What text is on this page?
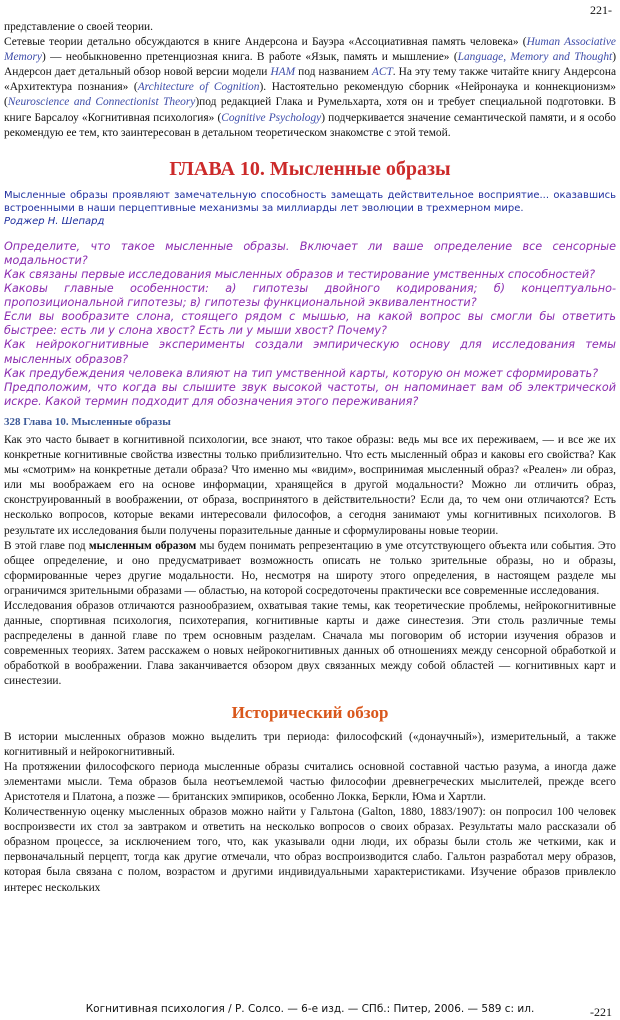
221-

представление о своей теории.

Сетевые теории детально обсуждаются в книге Андерсона и Бауэра «Ассоциативная память человека» (Human Associative Memory) — необыкновенно претенциозная книга. В работе «Язык, память и мышление» (Language, Memory and Thought) Андерсон дает детальный обзор новой версии модели HAM под названием ACT. На эту тему также читайте книгу Андерсона «Архитектура познания» (Architecture of Cognition). Настоятельно рекомендую сборник «Нейронаука и коннекционизм» (Neuroscience and Connectionist Theory)под редакцией Глака и Румельхарта, хотя он и требует специальной подготовки. В книге Барсалоу «Когнитивная психология» (Cognitive Psychology) подчеркивается значение семантической памяти, и я особо рекомендую ее тем, кто заинтересован в детальном теоретическом знакомстве с этой темой.

ГЛАВА 10. Мысленные образы
Мысленные образы проявляют замечательную способность замещать действительное восприятие... оказавшись встроенными в наши перцептивные механизмы за миллиарды лет эволюции в трехмерном мире.
Роджер Н. Шепард
Определите, что такое мысленные образы. Включает ли ваше определение все сенсорные модальности?
Как связаны первые исследования мысленных образов и тестирование умственных способностей?
Каковы главные особенности: а) гипотезы двойного кодирования; б) концептуально-пропозициональной гипотезы; в) гипотезы функциональной эквивалентности?
Если вы вообразите слона, стоящего рядом с мышью, на какой вопрос вы смогли бы ответить быстрее: есть ли у слона хвост? Есть ли у мыши хвост? Почему?
Как нейрокогнитивные эксперименты создали эмпирическую основу для исследования темы мысленных образов?
Как предубеждения человека влияют на тип умственной карты, которую он может сформировать?
Предположим, что когда вы слышите звук высокой частоты, он напоминает вам об электрической искре. Какой термин подходит для обозначения этого переживания?
328 Глава 10. Мысленные образы

Как это часто бывает в когнитивной психологии, все знают, что такое образы: ведь мы все их переживаем, — и все же их конкретные когнитивные свойства известны только приблизительно. Что есть мысленный образ и каковы его свойства? Как мы «смотрим» на конкретные детали образа? Что именно мы «видим», воспринимая мысленный образ? «Реален» ли образ, или мы воображаем его на основе информации, хранящейся в другой модальности? Можно ли отличить образ, сконструированный в воображении, от образа, воспринятого в действительности? Если да, то чем они отличаются? Есть несколько вопросов, которые веками интересовали философов, а сегодня занимают умы когнитивных психологов. В результате их исследования были получены поразительные данные и сформулированы новые теории.

В этой главе под мысленным образом мы будем понимать репрезентацию в уме отсутствующего объекта или события. Это общее определение, и оно предусматривает возможность описать не только зрительные образы, но и образы, сформированные через другие модальности. Но, несмотря на широту этого определения, в настоящем разделе мы ограничимся зрительными образами — областью, на которой сосредоточены практически все современные исследования.

Исследования образов отличаются разнообразием, охватывая такие темы, как теоретические проблемы, нейрокогнитивные данные, спортивная психология, психотерапия, когнитивные карты и даже синестезия. Эти столь различные темы распределены в данной главе по трем основным разделам. Сначала мы поговорим об истории изучения образов и современных теориях. Затем расскажем о новых нейрокогнитивных данных об отношениях между сенсорной обработкой и обработкой в воображении. Глава заканчивается обзором двух связанных между собой областей — когнитивных карт и синестезии.

Исторический обзор

В истории мысленных образов можно выделить три периода: философский («донаучный»), измерительный, а также когнитивный и нейрокогнитивный.

На протяжении философского периода мысленные образы считались основной составной частью разума, а иногда даже элементами мысли. Тема образов была неотъемлемой частью философии древнегреческих мыслителей, прежде всего Аристотеля и Платона, а позже — британских эмпириков, особенно Локка, Беркли, Юма и Хартли.

Количественную оценку мысленных образов можно найти у Гальтона (Galton, 1880, 1883/1907): он попросил 100 человек воспроизвести их стол за завтраком и ответить на несколько вопросов о своих образах. Результаты мало рассказали об образном процессе, за исключением того, что, как указывали одни люди, их образы были столь же четкими, как и первоначальный перцепт, тогда как другие отмечали, что образ воспроизводится слабо. Гальтон разработал меру образов, которая была связана с полом, возрастом и другими индивидуальными характеристиками. Изучение образов привлекло интерес нескольких

Когнитивная психология / Р. Солсо. — 6-е изд. — СПб.: Питер, 2006. — 589 с: ил.	-221
